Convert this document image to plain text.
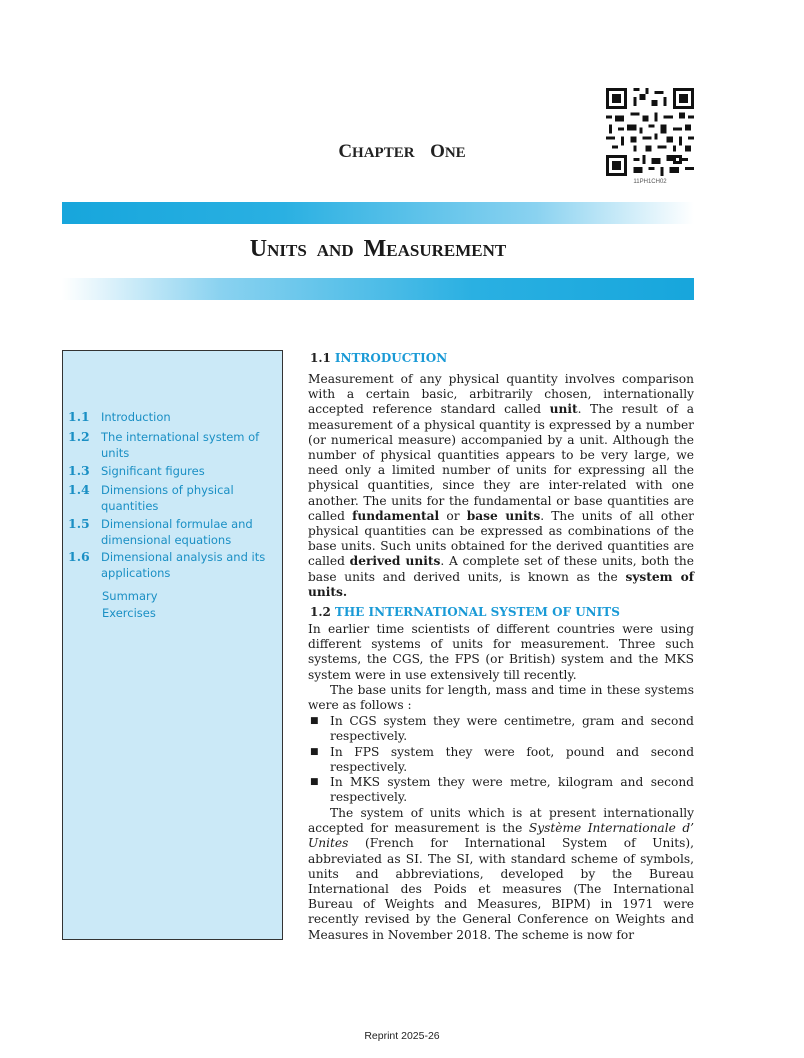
11PH1CH02
CHAPTER ONE
UNITS AND MEASUREMENT
1.1 Introduction
1.2 The international system of units
1.3 Significant figures
1.4 Dimensions of physical quantities
1.5 Dimensional formulae and dimensional equations
1.6 Dimensional analysis and its applications
Summary
Exercises
1.1 INTRODUCTION

Measurement of any physical quantity involves comparison with a certain basic, arbitrarily chosen, internationally accepted reference standard called unit. The result of a measurement of a physical quantity is expressed by a number (or numerical measure) accompanied by a unit. Although the number of physical quantities appears to be very large, we need only a limited number of units for expressing all the physical quantities, since they are inter-related with one another. The units for the fundamental or base quantities are called fundamental or base units. The units of all other physical quantities can be expressed as combinations of the base units. Such units obtained for the derived quantities are called derived units. A complete set of these units, both the base units and derived units, is known as the system of units.

1.2 THE INTERNATIONAL SYSTEM OF UNITS

In earlier time scientists of different countries were using different systems of units for measurement. Three such systems, the CGS, the FPS (or British) system and the MKS system were in use extensively till recently.

The base units for length, mass and time in these systems were as follows :

■ In CGS system they were centimetre, gram and second respectively.
■ In FPS system they were foot, pound and second respectively.
■ In MKS system they were metre, kilogram and second respectively.

The system of units which is at present internationally accepted for measurement is the Système Internationale d’ Unites (French for International System of Units), abbreviated as SI. The SI, with standard scheme of symbols, units and abbreviations, developed by the Bureau International des Poids et measures (The International Bureau of Weights and Measures, BIPM) in 1971 were recently revised by the General Conference on Weights and Measures in November 2018. The scheme is now for

Reprint 2025-26
